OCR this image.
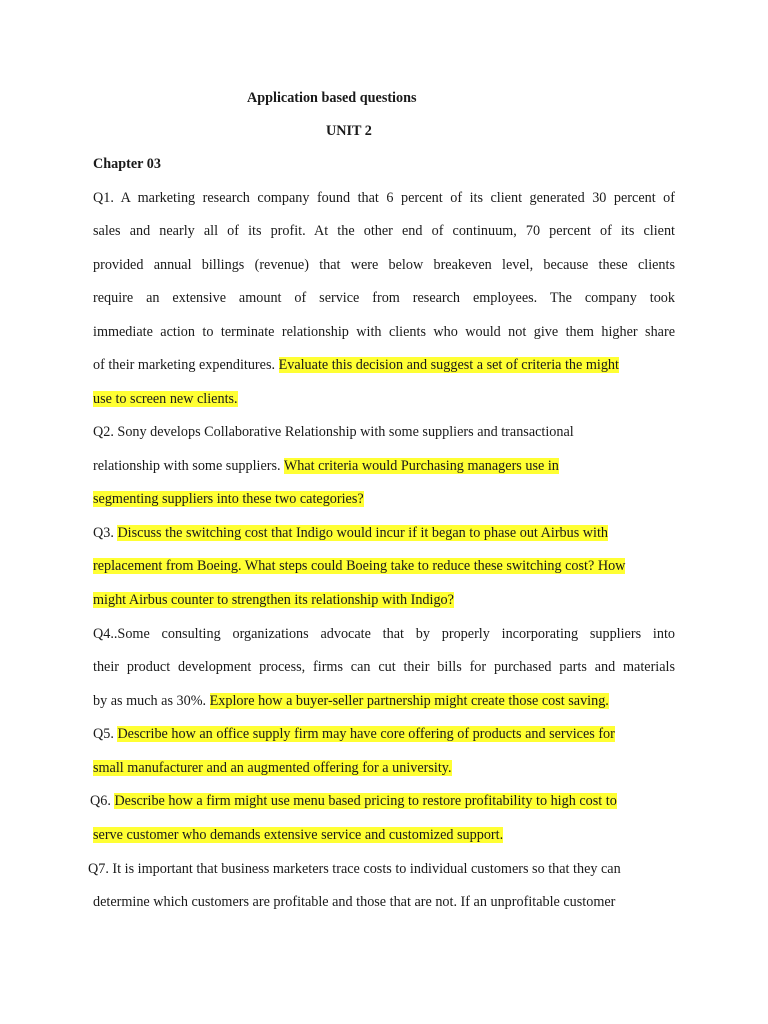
Application based questions
UNIT 2
Chapter 03
Q1. A marketing research company found that 6 percent of its client generated 30 percent of
sales and nearly all of its profit. At the other end of continuum, 70 percent of its client
provided annual billings (revenue) that were below breakeven level, because these clients
require an extensive amount of service from research employees. The company took
immediate action to terminate relationship with clients who would not give them higher share
of their marketing expenditures. Evaluate this decision and suggest a set of criteria the might
use to screen new clients.
Q2. Sony develops Collaborative Relationship with some suppliers and transactional
relationship with some suppliers. What criteria would Purchasing managers use in
segmenting suppliers into these two categories?
Q3. Discuss the switching cost that Indigo would incur if it began to phase out Airbus with
replacement from Boeing. What steps could Boeing take to reduce these switching cost? How
might Airbus counter to strengthen its relationship with Indigo?
Q4..Some consulting organizations advocate that by properly incorporating suppliers into
their product development process, firms can cut their bills for purchased parts and materials
by as much as 30%. Explore how a buyer-seller partnership might create those cost saving.
Q5. Describe how an office supply firm may have core offering of products and services for
small manufacturer and an augmented offering for a university.
Q6. Describe how a firm might use menu based pricing to restore profitability to high cost to
serve customer who demands extensive service and customized support.
Q7. It is important that business marketers trace costs to individual customers so that they can
determine which customers are profitable and those that are not. If an unprofitable customer
